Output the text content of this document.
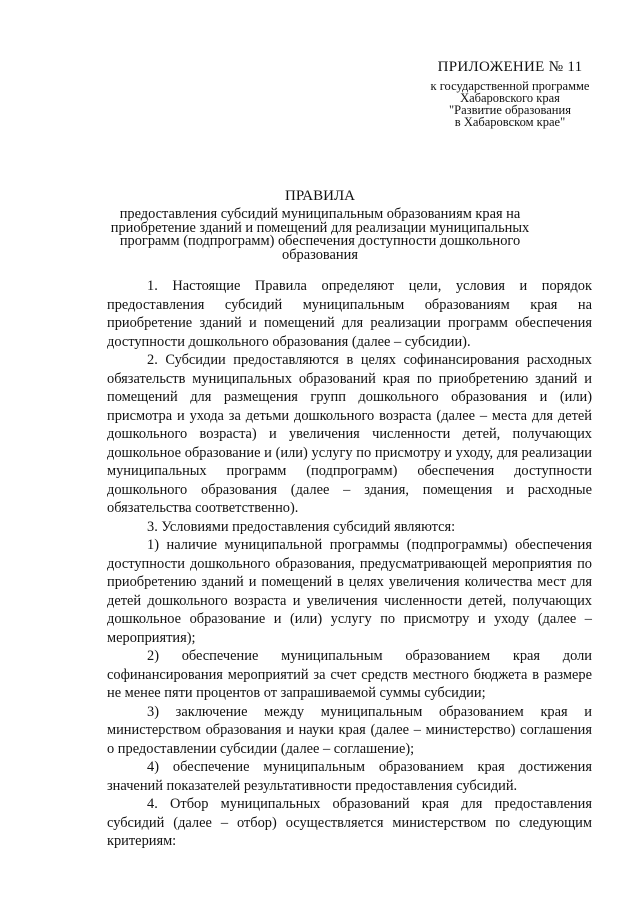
ПРИЛОЖЕНИЕ № 11
к государственной программе
Хабаровского края
"Развитие образования
в Хабаровском крае"
ПРАВИЛА
предоставления субсидий муниципальным образованиям края на приобретение зданий и помещений для реализации муниципальных программ (подпрограмм) обеспечения доступности дошкольного образования

1. Настоящие Правила определяют цели, условия и порядок предоставления субсидий муниципальным образованиям края на приобретение зданий и помещений для реализации программ обеспечения доступности дошкольного образования (далее – субсидии).

2. Субсидии предоставляются в целях софинансирования расходных обязательств муниципальных образований края по приобретению зданий и помещений для размещения групп дошкольного образования и (или) присмотра и ухода за детьми дошкольного возраста (далее – места для детей дошкольного возраста) и увеличения численности детей, получающих дошкольное образование и (или) услугу по присмотру и уходу, для реализации муниципальных программ (подпрограмм) обеспечения доступности дошкольного образования (далее – здания, помещения и расходные обязательства соответственно).

3. Условиями предоставления субсидий являются:

1) наличие муниципальной программы (подпрограммы) обеспечения доступности дошкольного образования, предусматривающей мероприятия по приобретению зданий и помещений в целях увеличения количества мест для детей дошкольного возраста и увеличения численности детей, получающих дошкольное образование и (или) услугу по присмотру и уходу (далее – мероприятия);

2) обеспечение муниципальным образованием края доли софинансирования мероприятий за счет средств местного бюджета в размере не менее пяти процентов от запрашиваемой суммы субсидии;

3) заключение между муниципальным образованием края и министерством образования и науки края (далее – министерство) соглашения о предоставлении субсидии (далее – соглашение);

4) обеспечение муниципальным образованием края достижения значений показателей результативности предоставления субсидий.

4. Отбор муниципальных образований края для предоставления субсидий (далее – отбор) осуществляется министерством по следующим критериям:
